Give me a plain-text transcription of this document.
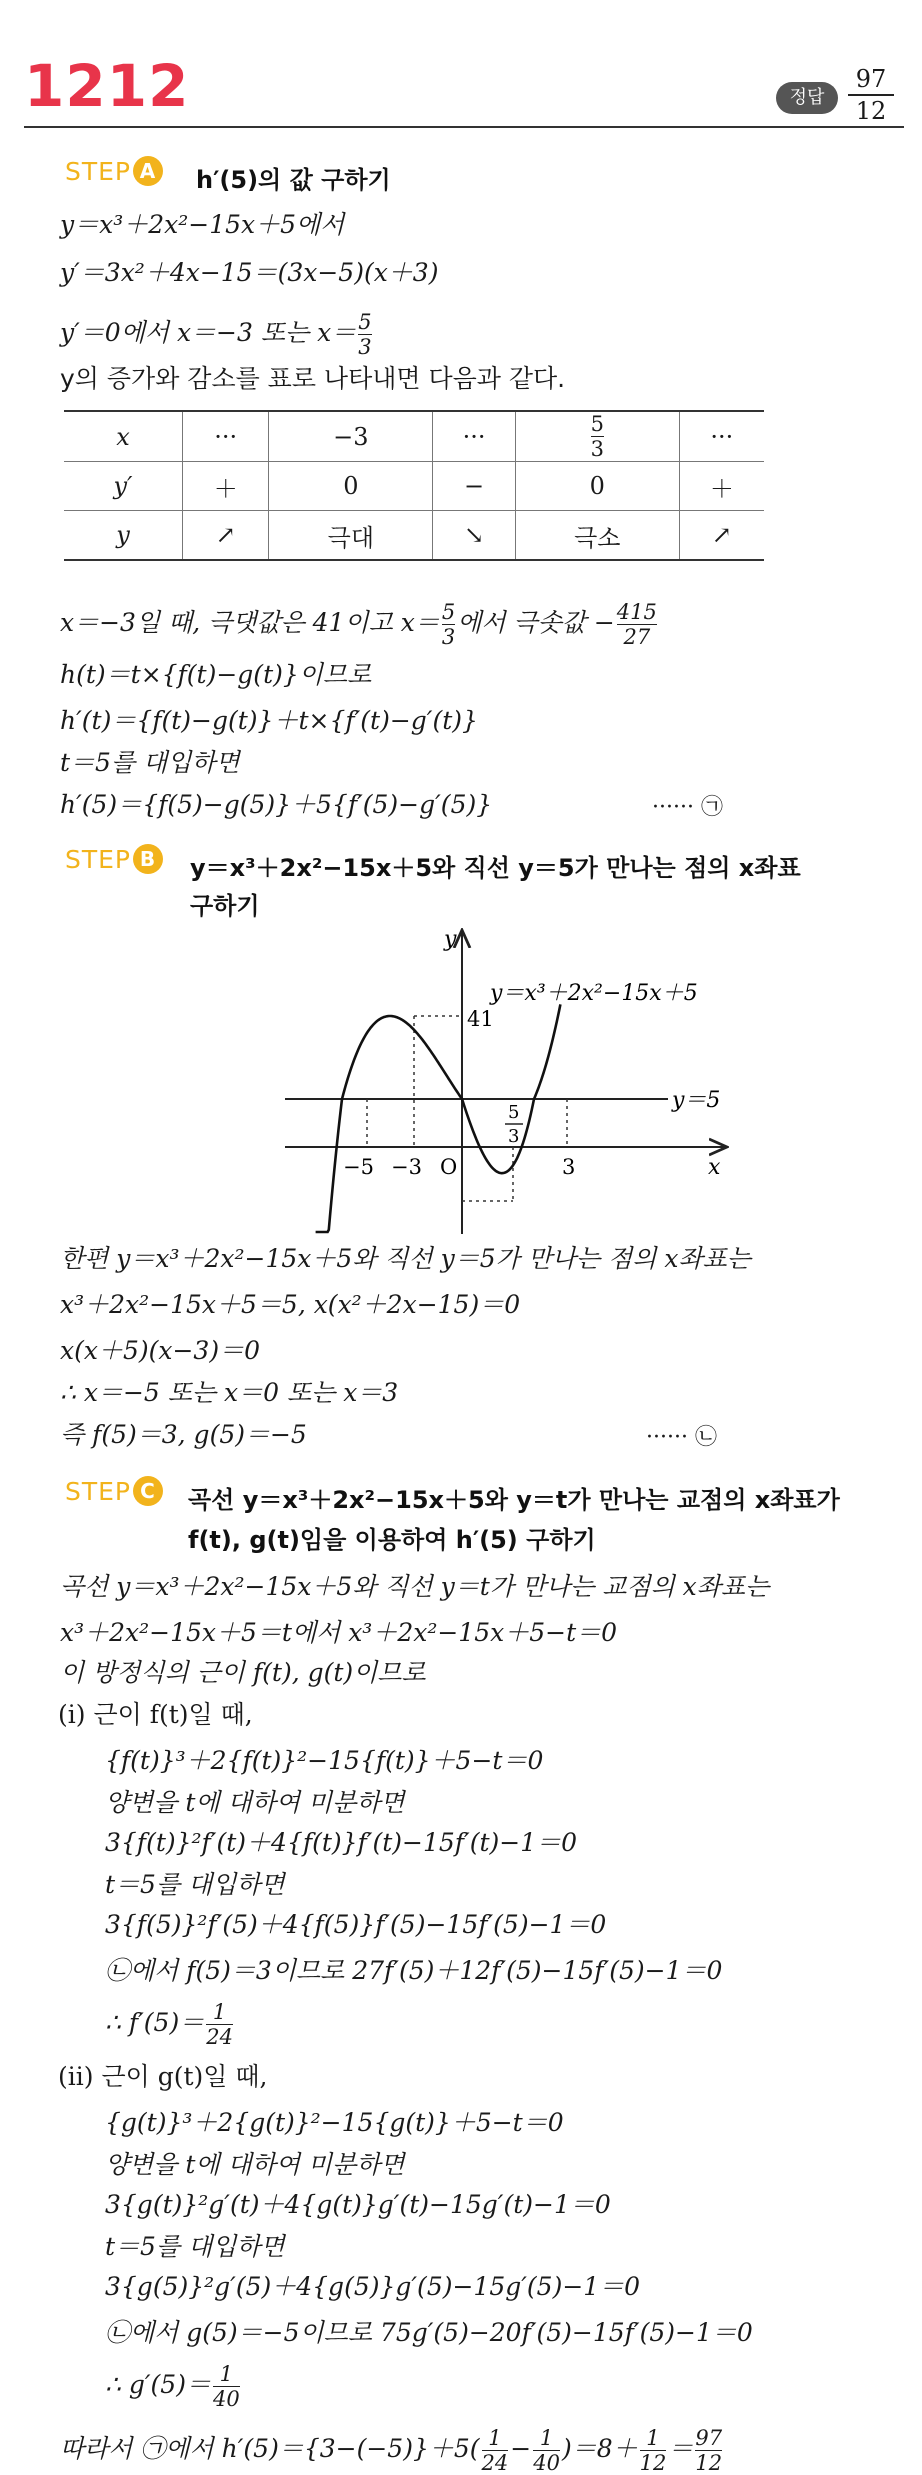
1212	정답
97
12
STEP A h′(5)의 값 구하기
y＝x³＋2x²−15x＋5에서
y′＝3x²＋4x−15＝(3x−5)(x＋3)
y′＝0에서 x＝−3 또는 $x= \frac{5}{3}$
y의 증가와 감소를 표로 나타내면 다음과 같다.
x	···	−3	···	$\frac{5}{3}$	···
y′	＋	0	−	0	＋
y	↗	극대	↘	극소	↗
x＝−3일 때, 극댓값은 41이고 $x= \frac{5}{3}$ 에서 극솟값 − $\frac{415}{27}$
h(t)＝t×{f(t)−g(t)}이므로
h′(t)＝{f(t)−g(t)}＋t×{f′(t)−g′(t)}
t＝5를 대입하면
h′(5)＝{f(5)−g(5)}＋5{f′(5)−g′(5)}	······ ㉠
STEP B y＝x³＋2x²−15x＋5와 직선 y＝5가 만나는 점의 x좌표
구하기
y
x
y＝x³＋2x²−15x＋5
y＝5
41
O
−5 −3	3
5
3
한편 y＝x³＋2x²−15x＋5와 직선 y＝5가 만나는 점의 x좌표는
x³＋2x²−15x＋5＝5, x(x²＋2x−15)＝0
x(x＋5)(x−3)＝0
∴ x＝−5 또는 x＝0 또는 x＝3
즉 f(5)＝3, g(5)＝−5	······ ㉡
STEP C 곡선 y＝x³＋2x²−15x＋5와 y＝t가 만나는 교점의 x좌표가
f(t), g(t)임을 이용하여 h′(5) 구하기
곡선 y＝x³＋2x²−15x＋5와 직선 y＝t가 만나는 교점의 x좌표는
x³＋2x²−15x＋5＝t에서 x³＋2x²−15x＋5−t＝0
이 방정식의 근이 f(t), g(t)이므로
(ⅰ) 근이 f(t)일 때,
{f(t)}³＋2{f(t)}²−15{f(t)}＋5−t＝0
양변을 t에 대하여 미분하면
3{f(t)}²f′(t)＋4{f(t)}f′(t)−15f′(t)−1＝0
t＝5를 대입하면
3{f(5)}²f′(5)＋4{f(5)}f′(5)−15f′(5)−1＝0
㉡에서 f(5)＝3이므로 27f′(5)＋12f′(5)−15f′(5)−1＝0
∴ $f'(5)= \frac{1}{24}$
(ⅱ) 근이 g(t)일 때,
{g(t)}³＋2{g(t)}²−15{g(t)}＋5−t＝0
양변을 t에 대하여 미분하면
3{g(t)}²g′(t)＋4{g(t)}g′(t)−15g′(t)−1＝0
t＝5를 대입하면
3{g(5)}²g′(5)＋4{g(5)}g′(5)−15g′(5)−1＝0
㉡에서 g(5)＝−5이므로 75g′(5)−20f′(5)−15f′(5)−1＝0
∴ $g'(5)= \frac{1}{40}$
따라서 ㉠에서 $h'(5)=\{3-(-5)\}+5( \frac{1}{24} - \frac{1}{40} )=8+ \frac{1}{12} = \frac{97}{12}$
